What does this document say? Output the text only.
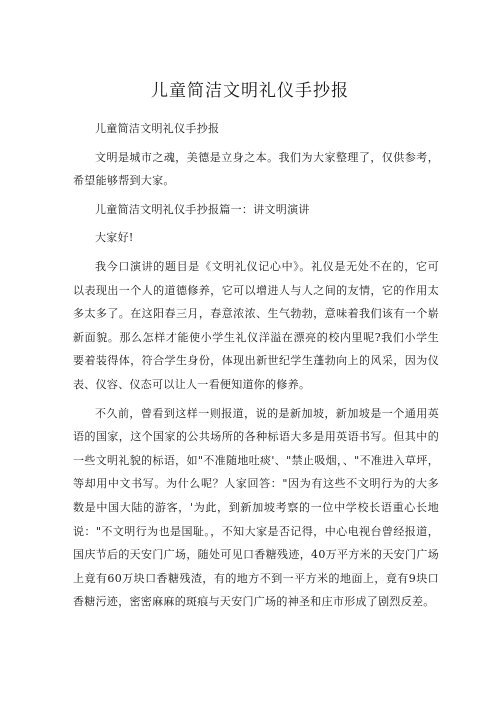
儿童简洁文明礼仪手抄报

儿童简洁文明礼仪手抄报

文明是城市之魂，美德是立身之本。我们为大家整理了，仅供参考，希望能够帮到大家。

儿童简洁文明礼仪手抄报篇一：讲文明演讲

大家好!

我今口演讲的题目是《文明礼仪记心中》。礼仪是无处不在的，它可以表现出一个人的道德修养，它可以增进人与人之间的友情，它的作用太多太多了。在这阳春三月，春意浓浓、生气勃勃，意味着我们该有一个崭新面貌。那么怎样才能使小学生礼仪洋溢在漂亮的校内里呢?我们小学生要着装得体，符合学生身份，体现出新世纪学生蓬勃向上的风采，因为仪表、仪容、仪态可以让人一看便知道你的修养。

不久前，曾看到这样一则报道，说的是新加坡，新加坡是一个通用英语的国家，这个国家的公共场所的各种标语大多是用英语书写。但其中的一些文明礼貌的标语，如"不准随地吐痰'、"禁止吸烟，、"不准进入草坪，等却用中文书写。为什么呢？人家回答："因为有这些不文明行为的大多数是中国大陆的游客，'为此，到新加坡考察的一位中学校长语重心长地说："不文明行为也是国耻。，不知大家是否记得，中心电视台曾经报道，国庆节后的天安门广场，随处可见口香糖残迹，40万平方米的天安门广场上竟有60万块口香糖残渣，有的地方不到一平方米的地面上，竟有9块口香糖污迹，密密麻麻的斑痕与天安门广场的神圣和庄市形成了剧烈反差。
